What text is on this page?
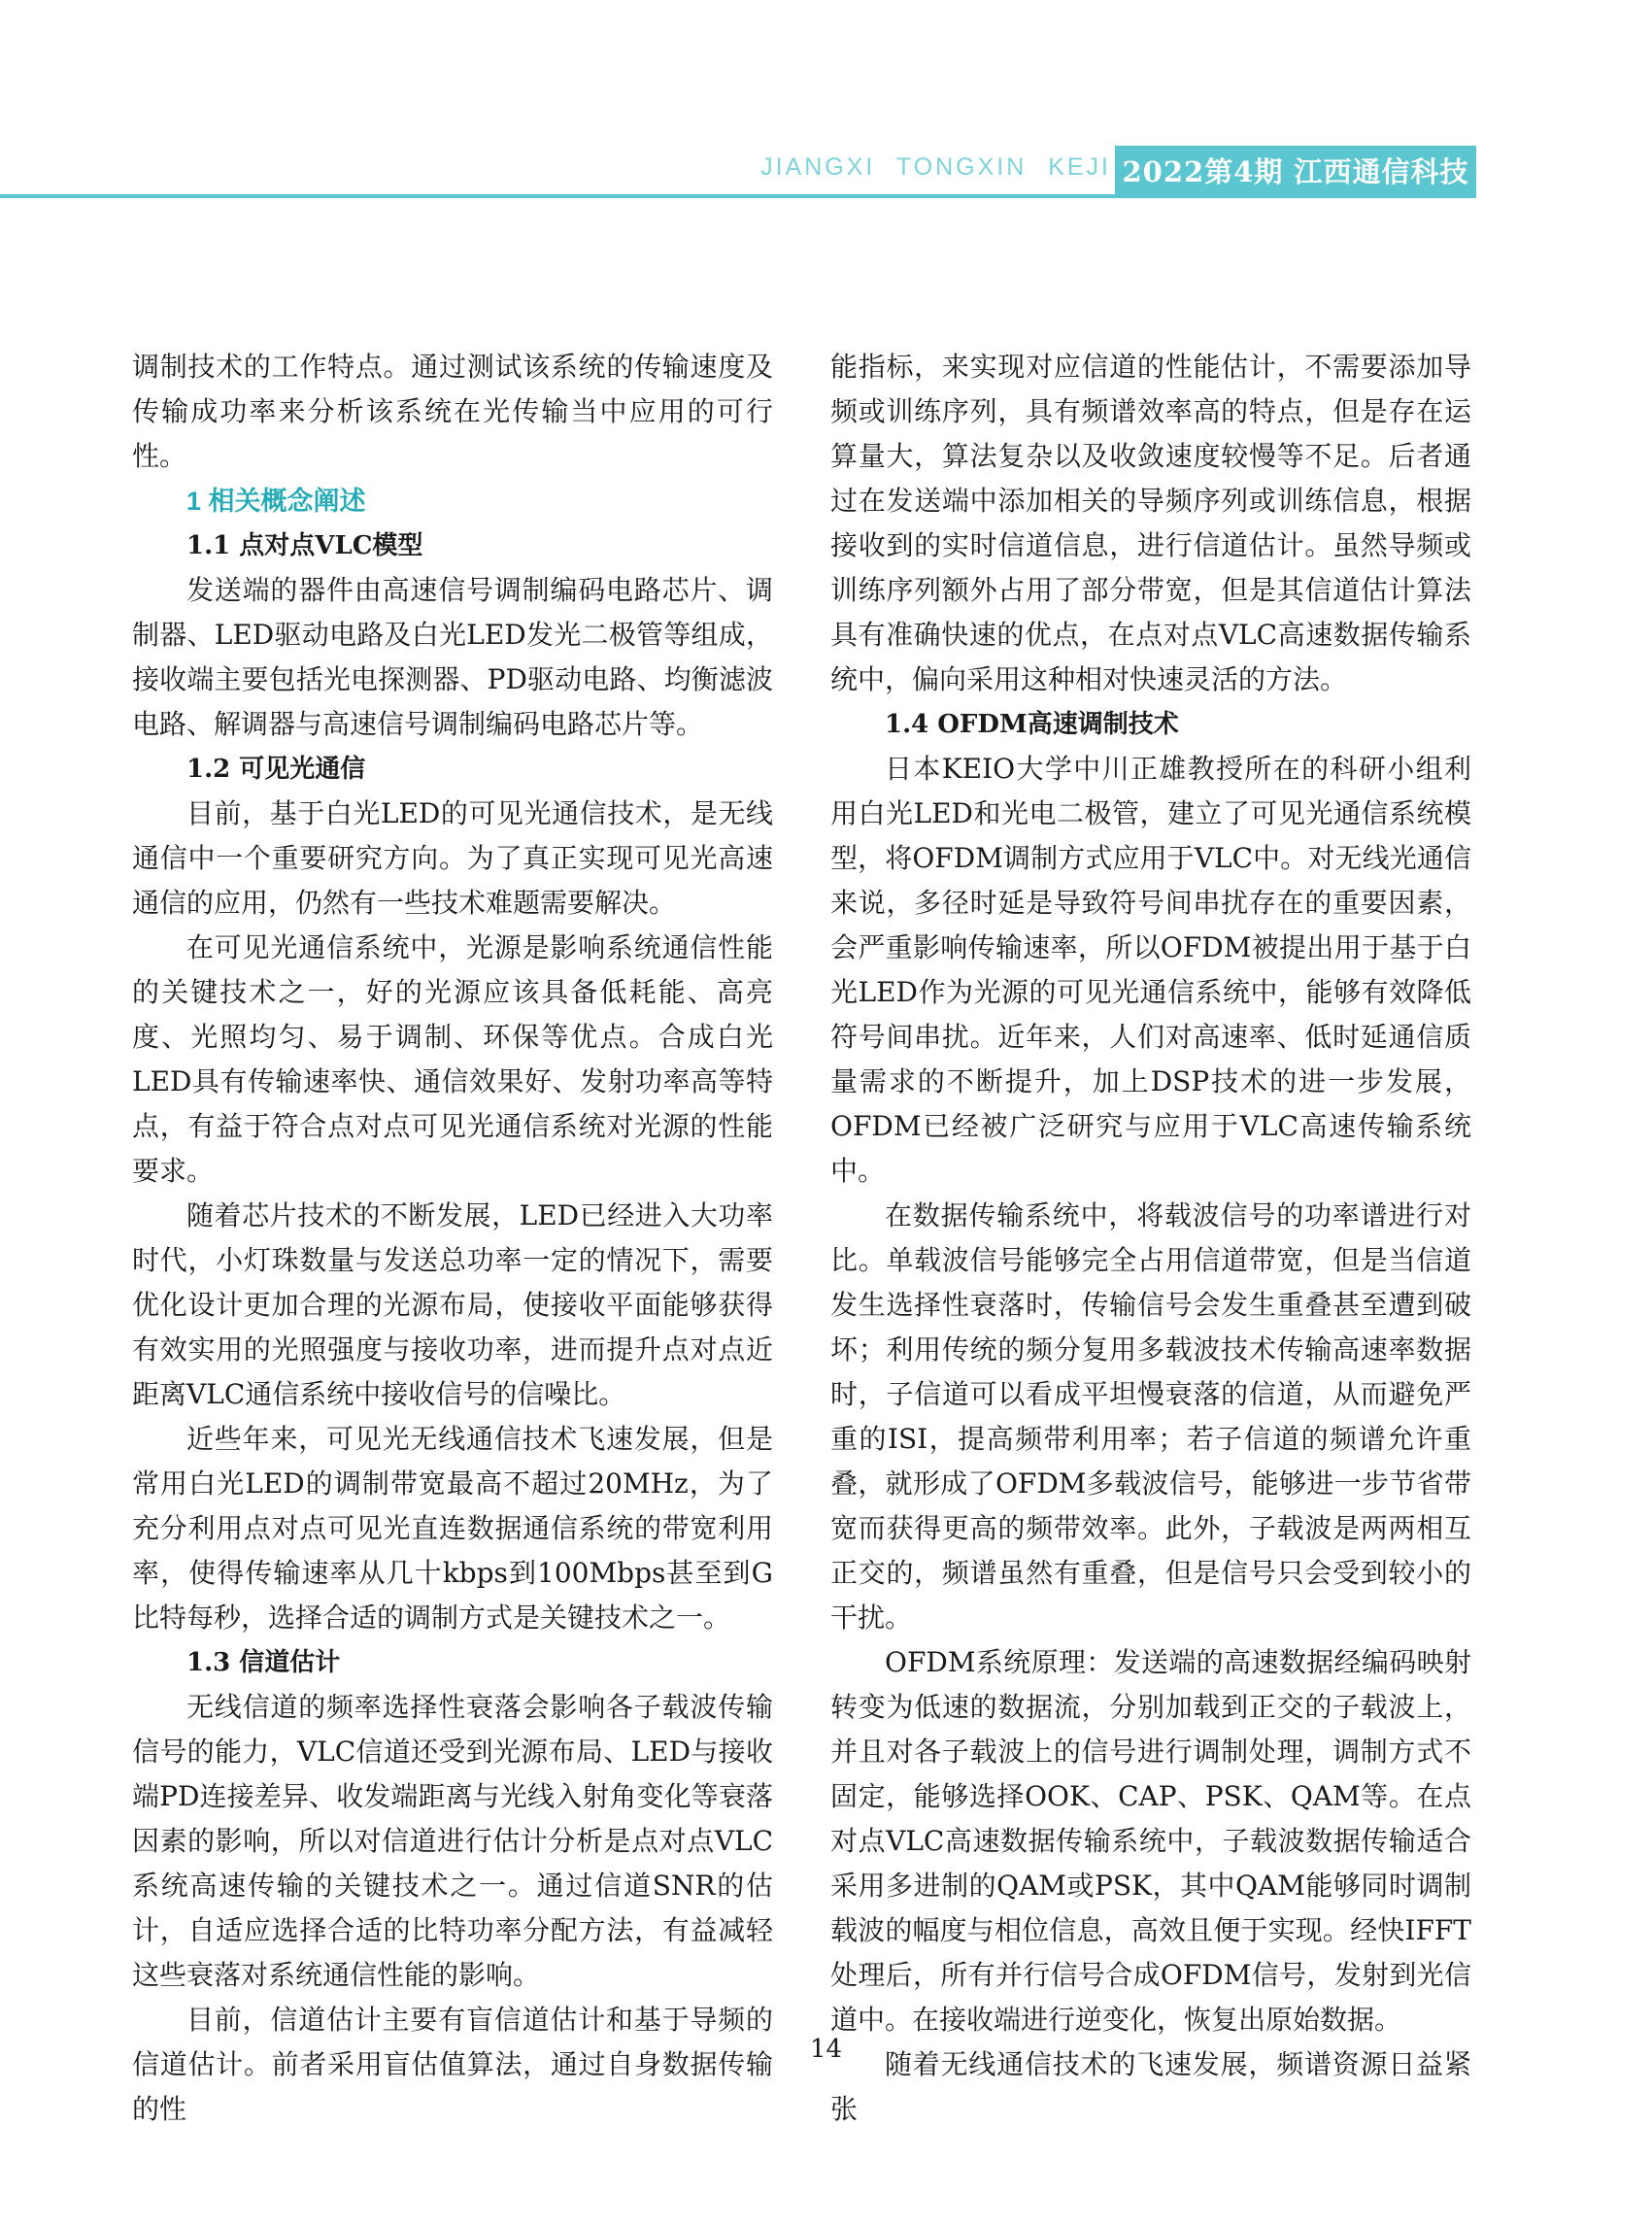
JIANGXI TONGXIN KEJI 2022第4期 江西通信科技

调制技术的工作特点。通过测试该系统的传输速度及传输成功率来分析该系统在光传输当中应用的可行性。

1 相关概念阐述
1.1 点对点VLC模型

发送端的器件由高速信号调制编码电路芯片、调制器、LED驱动电路及白光LED发光二极管等组成，接收端主要包括光电探测器、PD驱动电路、均衡滤波电路、解调器与高速信号调制编码电路芯片等。

1.2 可见光通信

目前，基于白光LED的可见光通信技术，是无线通信中一个重要研究方向。为了真正实现可见光高速通信的应用，仍然有一些技术难题需要解决。

在可见光通信系统中，光源是影响系统通信性能的关键技术之一，好的光源应该具备低耗能、高亮度、光照均匀、易于调制、环保等优点。合成白光LED具有传输速率快、通信效果好、发射功率高等特点，有益于符合点对点可见光通信系统对光源的性能要求。

随着芯片技术的不断发展，LED已经进入大功率时代，小灯珠数量与发送总功率一定的情况下，需要优化设计更加合理的光源布局，使接收平面能够获得有效实用的光照强度与接收功率，进而提升点对点近距离VLC通信系统中接收信号的信噪比。

近些年来，可见光无线通信技术飞速发展，但是常用白光LED的调制带宽最高不超过20MHz，为了充分利用点对点可见光直连数据通信系统的带宽利用率，使得传输速率从几十kbps到100Mbps甚至到G比特每秒，选择合适的调制方式是关键技术之一。

1.3 信道估计

无线信道的频率选择性衰落会影响各子载波传输信号的能力，VLC信道还受到光源布局、LED与接收端PD连接差异、收发端距离与光线入射角变化等衰落因素的影响，所以对信道进行估计分析是点对点VLC系统高速传输的关键技术之一。通过信道SNR的估计，自适应选择合适的比特功率分配方法，有益减轻这些衰落对系统通信性能的影响。

目前，信道估计主要有盲信道估计和基于导频的信道估计。前者采用盲估值算法，通过自身数据传输的性

能指标，来实现对应信道的性能估计，不需要添加导频或训练序列，具有频谱效率高的特点，但是存在运算量大，算法复杂以及收敛速度较慢等不足。后者通过在发送端中添加相关的导频序列或训练信息，根据接收到的实时信道信息，进行信道估计。虽然导频或训练序列额外占用了部分带宽，但是其信道估计算法具有准确快速的优点，在点对点VLC高速数据传输系统中，偏向采用这种相对快速灵活的方法。

1.4 OFDM高速调制技术

日本KEIO大学中川正雄教授所在的科研小组利用白光LED和光电二极管，建立了可见光通信系统模型，将OFDM调制方式应用于VLC中。对无线光通信来说，多径时延是导致符号间串扰存在的重要因素，会严重影响传输速率，所以OFDM被提出用于基于白光LED作为光源的可见光通信系统中，能够有效降低符号间串扰。近年来，人们对高速率、低时延通信质量需求的不断提升，加上DSP技术的进一步发展，OFDM已经被广泛研究与应用于VLC高速传输系统中。

在数据传输系统中，将载波信号的功率谱进行对比。单载波信号能够完全占用信道带宽，但是当信道发生选择性衰落时，传输信号会发生重叠甚至遭到破坏；利用传统的频分复用多载波技术传输高速率数据时，子信道可以看成平坦慢衰落的信道，从而避免严重的ISI，提高频带利用率；若子信道的频谱允许重叠，就形成了OFDM多载波信号，能够进一步节省带宽而获得更高的频带效率。此外，子载波是两两相互正交的，频谱虽然有重叠，但是信号只会受到较小的干扰。

OFDM系统原理：发送端的高速数据经编码映射转变为低速的数据流，分别加载到正交的子载波上，并且对各子载波上的信号进行调制处理，调制方式不固定，能够选择OOK、CAP、PSK、QAM等。在点对点VLC高速数据传输系统中，子载波数据传输适合采用多进制的QAM或PSK，其中QAM能够同时调制载波的幅度与相位信息，高效且便于实现。经快IFFT处理后，所有并行信号合成OFDM信号，发射到光信道中。在接收端进行逆变化，恢复出原始数据。

随着无线通信技术的飞速发展，频谱资源日益紧张

14
